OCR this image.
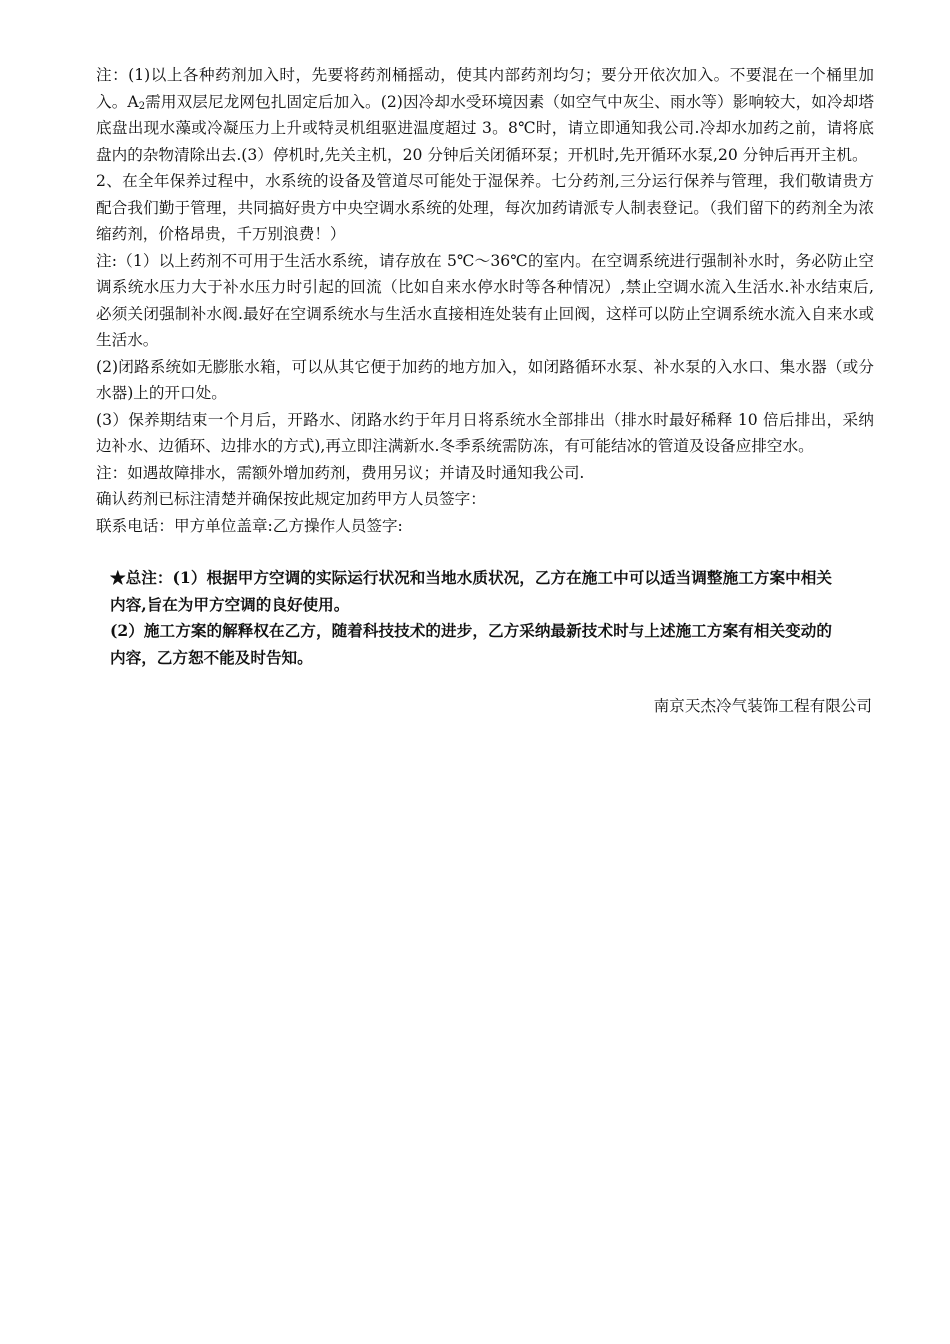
注：(1)以上各种药剂加入时，先要将药剂桶摇动，使其内部药剂均匀；要分开依次加入。不要混在一个桶里加入。$A_2$需用双层尼龙网包扎固定后加入。(2)因冷却水受环境因素（如空气中灰尘、雨水等）影响较大，如冷却塔底盘出现水藻或冷凝压力上升或特灵机组驱进温度超过 3。8℃时，请立即通知我公司.冷却水加药之前，请将底盘内的杂物清除出去.(3）停机时,先关主机，20 分钟后关闭循环泵；开机时,先开循环水泵,20 分钟后再开主机。

2、在全年保养过程中，水系统的设备及管道尽可能处于湿保养。七分药剂,三分运行保养与管理，我们敬请贵方配合我们勤于管理，共同搞好贵方中央空调水系统的处理，每次加药请派专人制表登记。（我们留下的药剂全为浓缩药剂，价格昂贵，千万别浪费！）

注:（1）以上药剂不可用于生活水系统，请存放在 5℃～36℃的室内。在空调系统进行强制补水时，务必防止空调系统水压力大于补水压力时引起的回流（比如自来水停水时等各种情况）,禁止空调水流入生活水.补水结束后,必须关闭强制补水阀.最好在空调系统水与生活水直接相连处装有止回阀，这样可以防止空调系统水流入自来水或生活水。

(2)闭路系统如无膨胀水箱，可以从其它便于加药的地方加入，如闭路循环水泵、补水泵的入水口、集水器（或分水器)上的开口处。

(3）保养期结束一个月后，开路水、闭路水约于年月日将系统水全部排出（排水时最好稀释 10 倍后排出，采纳边补水、边循环、边排水的方式),再立即注满新水.冬季系统需防冻，有可能结冰的管道及设备应排空水。

注：如遇故障排水，需额外增加药剂，费用另议；并请及时通知我公司.

确认药剂已标注清楚并确保按此规定加药甲方人员签字：

联系电话：甲方单位盖章:乙方操作人员签字:

★总注：(1）根据甲方空调的实际运行状况和当地水质状况，乙方在施工中可以适当调整施工方案中相关内容,旨在为甲方空调的良好使用。

(2）施工方案的解释权在乙方，随着科技技术的进步，乙方采纳最新技术时与上述施工方案有相关变动的内容，乙方恕不能及时告知。

南京天杰冷气装饰工程有限公司
